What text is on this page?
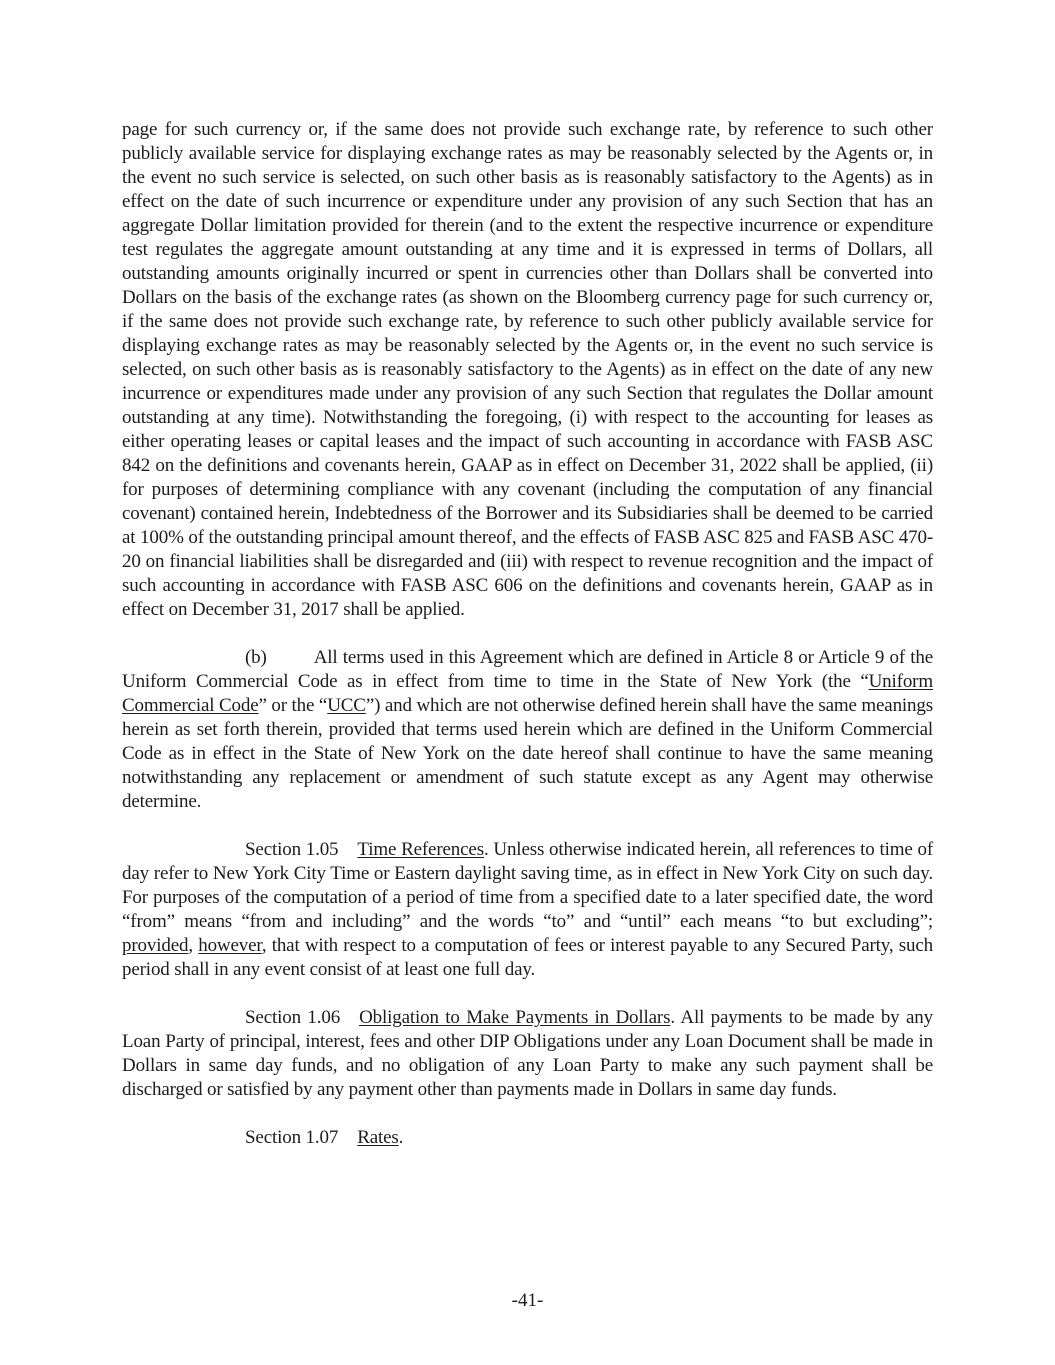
page for such currency or, if the same does not provide such exchange rate, by reference to such other publicly available service for displaying exchange rates as may be reasonably selected by the Agents or, in the event no such service is selected, on such other basis as is reasonably satisfactory to the Agents) as in effect on the date of such incurrence or expenditure under any provision of any such Section that has an aggregate Dollar limitation provided for therein (and to the extent the respective incurrence or expenditure test regulates the aggregate amount outstanding at any time and it is expressed in terms of Dollars, all outstanding amounts originally incurred or spent in currencies other than Dollars shall be converted into Dollars on the basis of the exchange rates (as shown on the Bloomberg currency page for such currency or, if the same does not provide such exchange rate, by reference to such other publicly available service for displaying exchange rates as may be reasonably selected by the Agents or, in the event no such service is selected, on such other basis as is reasonably satisfactory to the Agents) as in effect on the date of any new incurrence or expenditures made under any provision of any such Section that regulates the Dollar amount outstanding at any time). Notwithstanding the foregoing, (i) with respect to the accounting for leases as either operating leases or capital leases and the impact of such accounting in accordance with FASB ASC 842 on the definitions and covenants herein, GAAP as in effect on December 31, 2022 shall be applied, (ii) for purposes of determining compliance with any covenant (including the computation of any financial covenant) contained herein, Indebtedness of the Borrower and its Subsidiaries shall be deemed to be carried at 100% of the outstanding principal amount thereof, and the effects of FASB ASC 825 and FASB ASC 470-20 on financial liabilities shall be disregarded and (iii) with respect to revenue recognition and the impact of such accounting in accordance with FASB ASC 606 on the definitions and covenants herein, GAAP as in effect on December 31, 2017 shall be applied.
(b) All terms used in this Agreement which are defined in Article 8 or Article 9 of the Uniform Commercial Code as in effect from time to time in the State of New York (the “Uniform Commercial Code” or the “UCC”) and which are not otherwise defined herein shall have the same meanings herein as set forth therein, provided that terms used herein which are defined in the Uniform Commercial Code as in effect in the State of New York on the date hereof shall continue to have the same meaning notwithstanding any replacement or amendment of such statute except as any Agent may otherwise determine.
Section 1.05 Time References. Unless otherwise indicated herein, all references to time of day refer to New York City Time or Eastern daylight saving time, as in effect in New York City on such day. For purposes of the computation of a period of time from a specified date to a later specified date, the word “from” means “from and including” and the words “to” and “until” each means “to but excluding”; provided, however, that with respect to a computation of fees or interest payable to any Secured Party, such period shall in any event consist of at least one full day.
Section 1.06 Obligation to Make Payments in Dollars. All payments to be made by any Loan Party of principal, interest, fees and other DIP Obligations under any Loan Document shall be made in Dollars in same day funds, and no obligation of any Loan Party to make any such payment shall be discharged or satisfied by any payment other than payments made in Dollars in same day funds.
Section 1.07 Rates.
-41-
